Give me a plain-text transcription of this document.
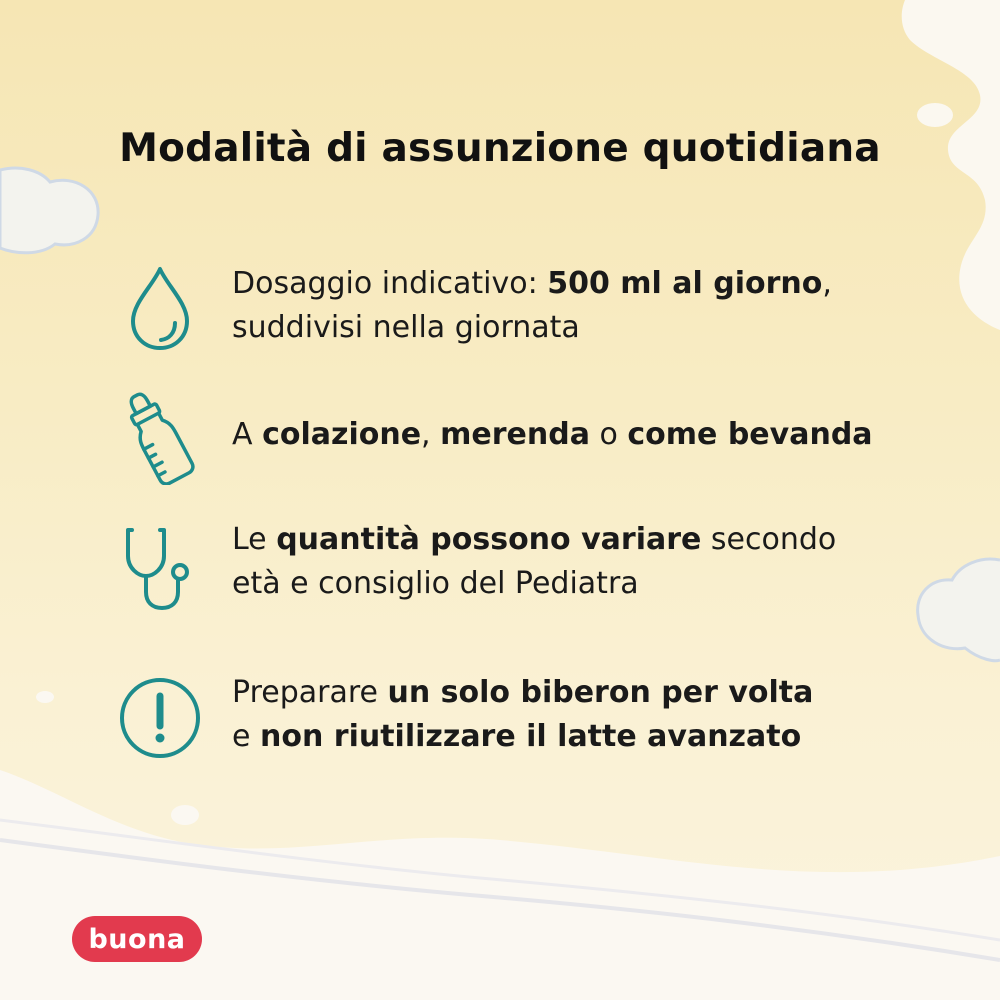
Modalità di assunzione quotidiana
Dosaggio indicativo: 500 ml al giorno,
suddivisi nella giornata
A colazione, merenda o come bevanda
Le quantità possono variare secondo
età e consiglio del Pediatra
Preparare un solo biberon per volta
e non riutilizzare il latte avanzato
buona
